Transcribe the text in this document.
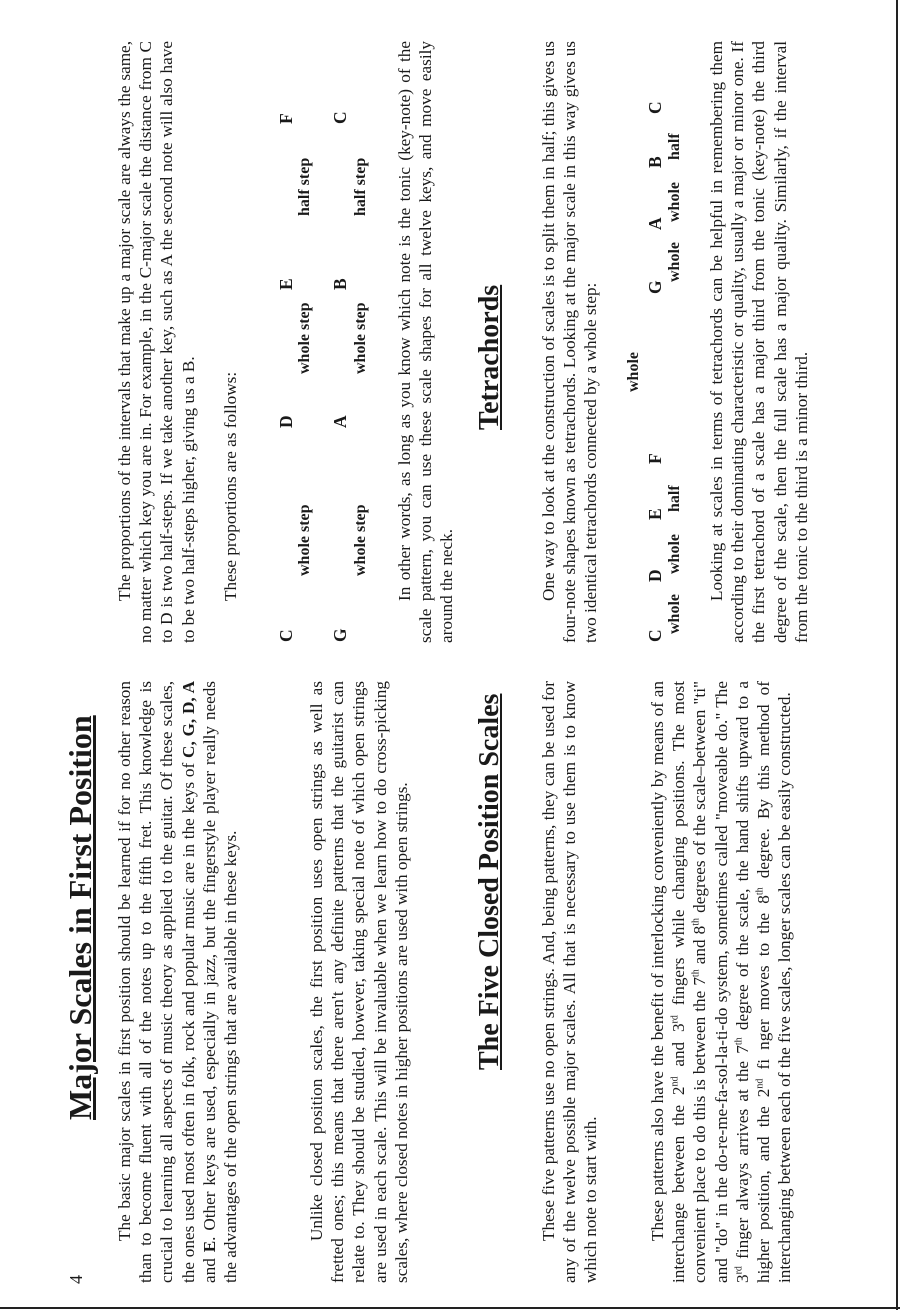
4
Major Scales in First Position The basic major scales in first position should be learned if for no other reason than to become fluent with all of the notes up to the fifth fret. This knowledge is crucial to learning all aspects of music theory as applied to the guitar. Of these scales, the ones used most often in folk, rock and popular music are in the keys of C, G, D, A and E. Other keys are used, especially in jazz, but the fingerstyle player really needs the advantages of the open strings that are available in these keys.	Unlike closed position scales, the first position uses open strings as well as fretted ones; this means that there aren't any definite patterns that the guitarist can relate to. They should be studied, however, taking special note of which open strings are used in each scale. This will be invaluable when we learn how to do cross-picking scales, where closed notes in higher positions are used with open strings. The Five Closed Position Scales These five patterns use no open strings. And, being patterns, they can be used for any of the twelve possible major scales. All that is necessary to use them is to know which note to start with.	These patterns also have the benefit of interlocking conveniently by means of an interchange between the 2nd and 3rd fingers while changing positions. The most convenient place to do this is between the 7th and 8th degrees of the scale–between "ti" and "do" in the do-re-me-fa-sol-la-ti-do system, sometimes called "moveable do." The 3rd finger always arrives at the 7th degree of the scale, the hand shifts upward to a higher position, and the 2nd fi nger moves to the 8th degree. By this method of interchanging between each of the five scales, longer scales can be easily constructed.

The proportions of the intervals that make up a major scale are always the same, no matter which key you are in. For example, in the C-major scale the distance from C to D is two half-steps. If we take another key, such as A the second note will also have to be two half-steps higher, giving us a B. These proportions are as follows:

C
whole step
D
whole step
E
half step
F
G
whole step
A
whole step
B
half step
C	In other words, as long as you know which note is the tonic (key-note) of the scale pattern, you can use these scale shapes for all twelve keys, and move easily around the neck.

Tetrachords One way to look at the construction of scales is to split them in half; this gives us four-note shapes known as tetrachords. Looking at the major scale in this way gives us two identical tetrachords connected by a whole step:	C
whole
D
whole
E
half
F
whole
G
whole
A
whole
B
half
C Looking at scales in terms of tetrachords can be helpful in remembering them according to their dominating characteristic or quality, usually a major or minor one. If the first tetrachord of a scale has a major third from the tonic (key-note) the third degree of the scale, then the full scale has a major quality. Similarly, if the interval from the tonic to the third is a minor third.
